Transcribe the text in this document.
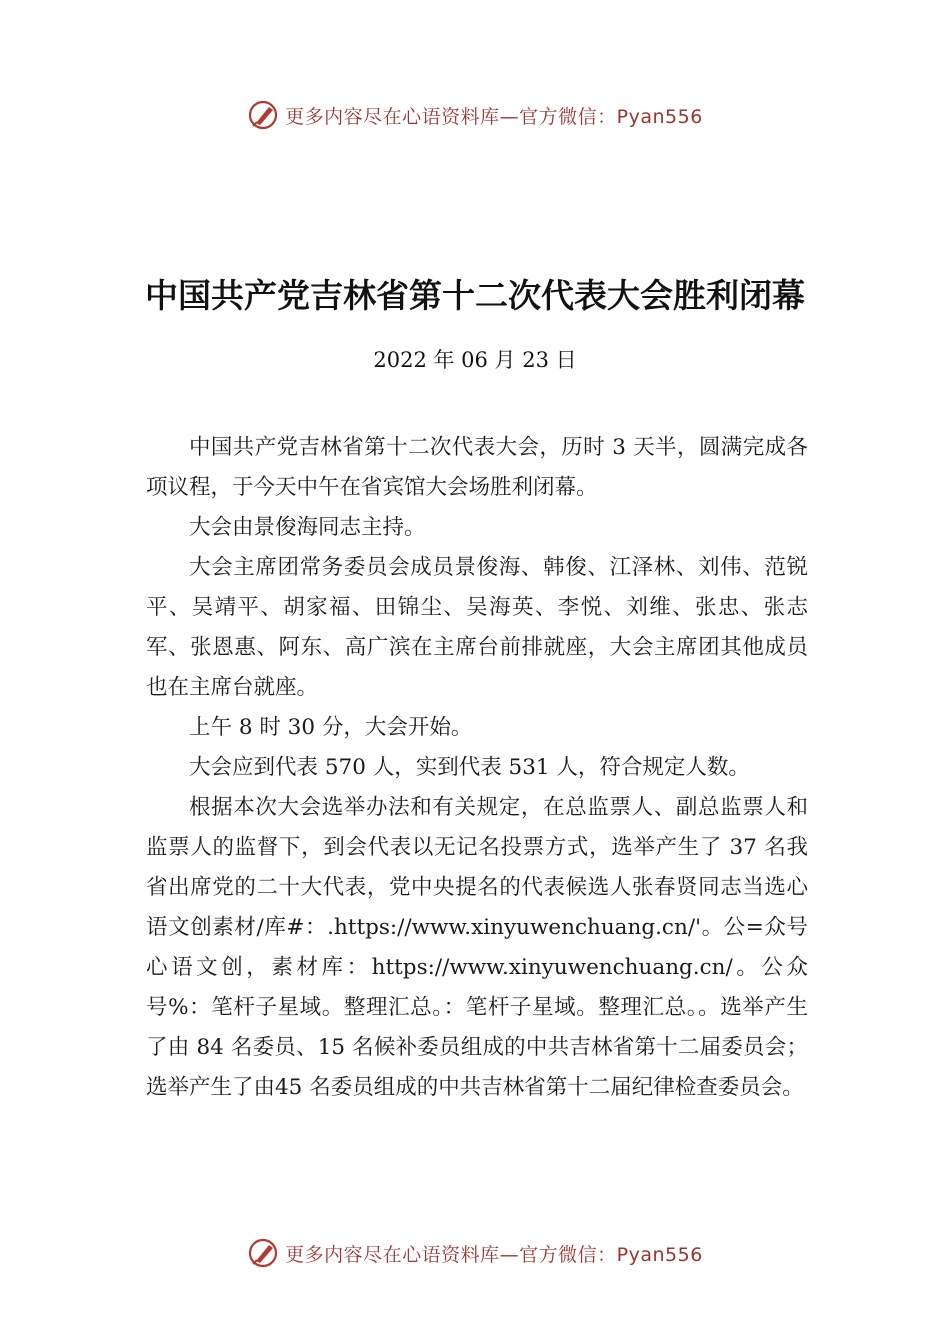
更多内容尽在心语资料库—官方微信：Pyan556
中国共产党吉林省第十二次代表大会胜利闭幕
2022 年 06 月 23 日

中国共产党吉林省第十二次代表大会，历时 3 天半，圆满完成各项议程，于今天中午在省宾馆大会场胜利闭幕。

大会由景俊海同志主持。

大会主席团常务委员会成员景俊海、韩俊、江泽林、刘伟、范锐平、吴靖平、胡家福、田锦尘、吴海英、李悦、刘维、张忠、张志军、张恩惠、阿东、高广滨在主席台前排就座，大会主席团其他成员也在主席台就座。

上午 8 时 30 分，大会开始。

大会应到代表 570 人，实到代表 531 人，符合规定人数。

根据本次大会选举办法和有关规定，在总监票人、副总监票人和监票人的监督下，到会代表以无记名投票方式，选举产生了 37 名我省出席党的二十大代表，党中央提名的代表候选人张春贤同志当选心语文创素材/库#：.https://www.xinyuwenchuang.cn/'。公=众号心语文创，素材库：https://www.xinyuwenchuang.cn/。公众号%：笔杆子星域。整理汇总。：笔杆子星域。整理汇总。。选举产生了由 84 名委员、15 名候补委员组成的中共吉林省第十二届委员会；选举产生了由45 名委员组成的中共吉林省第十二届纪律检查委员会。

更多内容尽在心语资料库—官方微信：Pyan556
